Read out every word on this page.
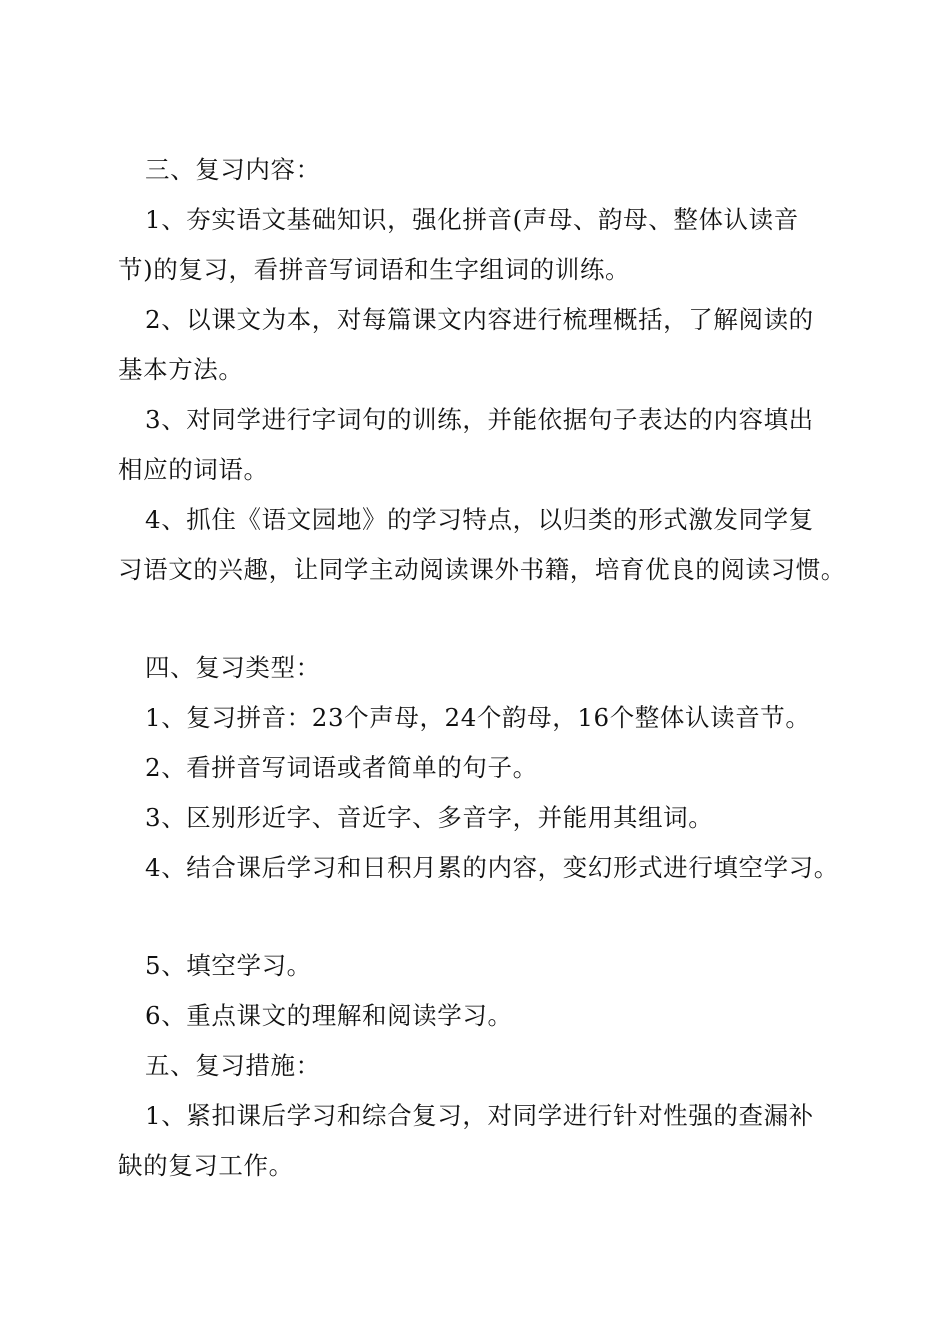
三、复习内容：
1、夯实语文基础知识，强化拼音(声母、韵母、整体认读音
节)的复习，看拼音写词语和生字组词的训练。
2、以课文为本，对每篇课文内容进行梳理概括，了解阅读的
基本方法。
3、对同学进行字词句的训练，并能依据句子表达的内容填出
相应的词语。
4、抓住《语文园地》的学习特点，以归类的形式激发同学复
习语文的兴趣，让同学主动阅读课外书籍，培育优良的阅读习惯。
四、复习类型：
1、复习拼音：23个声母，24个韵母，16个整体认读音节。
2、看拼音写词语或者简单的句子。
3、区别形近字、音近字、多音字，并能用其组词。
4、结合课后学习和日积月累的内容，变幻形式进行填空学习。
5、填空学习。
6、重点课文的理解和阅读学习。
五、复习措施：
1、紧扣课后学习和综合复习，对同学进行针对性强的查漏补
缺的复习工作。
